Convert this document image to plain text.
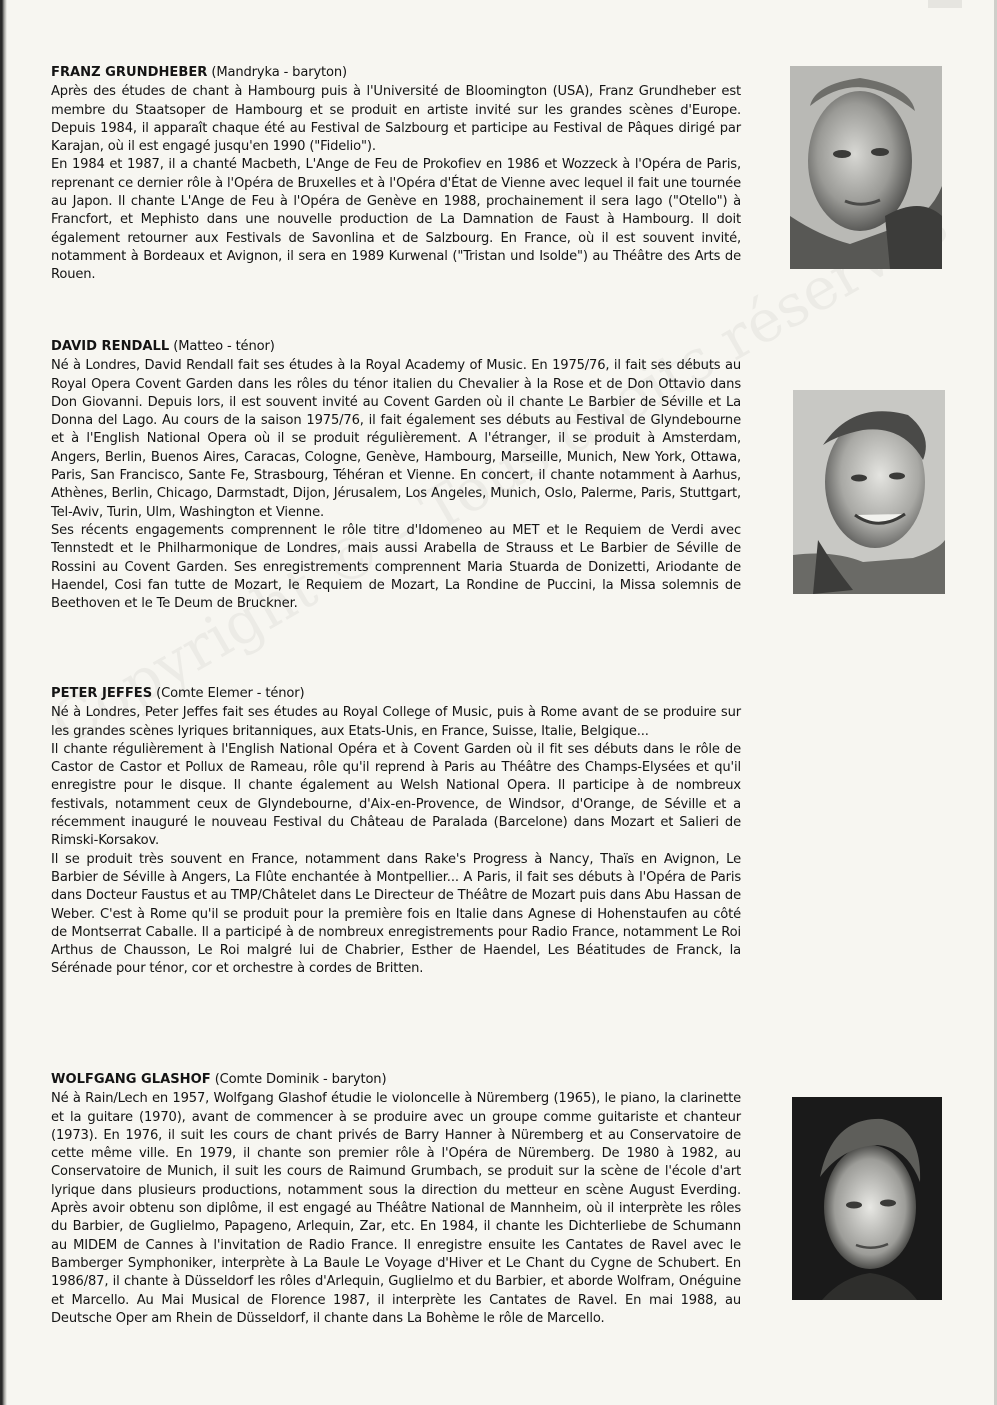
FRANZ GRUNDHEBER (Mandryka - baryton)

Après des études de chant à Hambourg puis à l'Université de Bloomington (USA), Franz Grundheber est membre du Staatsoper de Hambourg et se produit en artiste invité sur les grandes scènes d'Europe. Depuis 1984, il apparaît chaque été au Festival de Salzbourg et participe au Festival de Pâques dirigé par Karajan, où il est engagé jusqu'en 1990 ("Fidelio").

En 1984 et 1987, il a chanté Macbeth, L'Ange de Feu de Prokofiev en 1986 et Wozzeck à l'Opéra de Paris, reprenant ce dernier rôle à l'Opéra de Bruxelles et à l'Opéra d'État de Vienne avec lequel il fait une tournée au Japon. Il chante L'Ange de Feu à l'Opéra de Genève en 1988, prochainement il sera Iago ("Otello") à Francfort, et Mephisto dans une nouvelle production de La Damnation de Faust à Hambourg. Il doit également retourner aux Festivals de Savonlina et de Salzbourg. En France, où il est souvent invité, notamment à Bordeaux et Avignon, il sera en 1989 Kurwenal ("Tristan und Isolde") au Théâtre des Arts de Rouen.

DAVID RENDALL (Matteo - ténor)

Né à Londres, David Rendall fait ses études à la Royal Academy of Music. En 1975/76, il fait ses débuts au Royal Opera Covent Garden dans les rôles du ténor italien du Chevalier à la Rose et de Don Ottavio dans Don Giovanni. Depuis lors, il est souvent invité au Covent Garden où il chante Le Barbier de Séville et La Donna del Lago. Au cours de la saison 1975/76, il fait également ses débuts au Festival de Glyndebourne et à l'English National Opera où il se produit régulièrement. A l'étranger, il se produit à Amsterdam, Angers, Berlin, Buenos Aires, Caracas, Cologne, Genève, Hambourg, Marseille, Munich, New York, Ottawa, Paris, San Francisco, Sante Fe, Strasbourg, Téhéran et Vienne. En concert, il chante notamment à Aarhus, Athènes, Berlin, Chicago, Darmstadt, Dijon, Jérusalem, Los Angeles, Munich, Oslo, Palerme, Paris, Stuttgart, Tel-Aviv, Turin, Ulm, Washington et Vienne.

Ses récents engagements comprennent le rôle titre d'Idomeneo au MET et le Requiem de Verdi avec Tennstedt et le Philharmonique de Londres, mais aussi Arabella de Strauss et Le Barbier de Séville de Rossini au Covent Garden. Ses enregistrements comprennent Maria Stuarda de Donizetti, Ariodante de Haendel, Cosi fan tutte de Mozart, le Requiem de Mozart, La Rondine de Puccini, la Missa solemnis de Beethoven et le Te Deum de Bruckner.

PETER JEFFES (Comte Elemer - ténor)

Né à Londres, Peter Jeffes fait ses études au Royal College of Music, puis à Rome avant de se produire sur les grandes scènes lyriques britanniques, aux Etats-Unis, en France, Suisse, Italie, Belgique...

Il chante régulièrement à l'English National Opéra et à Covent Garden où il fit ses débuts dans le rôle de Castor de Castor et Pollux de Rameau, rôle qu'il reprend à Paris au Théâtre des Champs-Elysées et qu'il enregistre pour le disque. Il chante également au Welsh National Opera. Il participe à de nombreux festivals, notamment ceux de Glyndebourne, d'Aix-en-Provence, de Windsor, d'Orange, de Séville et a récemment inauguré le nouveau Festival du Château de Paralada (Barcelone) dans Mozart et Salieri de Rimski-Korsakov.

Il se produit très souvent en France, notamment dans Rake's Progress à Nancy, Thaïs en Avignon, Le Barbier de Séville à Angers, La Flûte enchantée à Montpellier... A Paris, il fait ses débuts à l'Opéra de Paris dans Docteur Faustus et au TMP/Châtelet dans Le Directeur de Théâtre de Mozart puis dans Abu Hassan de Weber. C'est à Rome qu'il se produit pour la première fois en Italie dans Agnese di Hohenstaufen au côté de Montserrat Caballe. Il a participé à de nombreux enregistrements pour Radio France, notamment Le Roi Arthus de Chausson, Le Roi malgré lui de Chabrier, Esther de Haendel, Les Béatitudes de Franck, la Sérénade pour ténor, cor et orchestre à cordes de Britten.

WOLFGANG GLASHOF (Comte Dominik - baryton)

Né à Rain/Lech en 1957, Wolfgang Glashof étudie le violoncelle à Nüremberg (1965), le piano, la clarinette et la guitare (1970), avant de commencer à se produire avec un groupe comme guitariste et chanteur (1973). En 1976, il suit les cours de chant privés de Barry Hanner à Nüremberg et au Conservatoire de cette même ville. En 1979, il chante son premier rôle à l'Opéra de Nüremberg. De 1980 à 1982, au Conservatoire de Munich, il suit les cours de Raimund Grumbach, se produit sur la scène de l'école d'art lyrique dans plusieurs productions, notamment sous la direction du metteur en scène August Everding. Après avoir obtenu son diplôme, il est engagé au Théâtre National de Mannheim, où il interprète les rôles du Barbier, de Guglielmo, Papageno, Arlequin, Zar, etc. En 1984, il chante les Dichterliebe de Schumann au MIDEM de Cannes à l'invitation de Radio France. Il enregistre ensuite les Cantates de Ravel avec le Bamberger Symphoniker, interprète à La Baule Le Voyage d'Hiver et Le Chant du Cygne de Schubert. En 1986/87, il chante à Düsseldorf les rôles d'Arlequin, Guglielmo et du Barbier, et aborde Wolfram, Onéguine et Marcello. Au Mai Musical de Florence 1987, il interprète les Cantates de Ravel. En mai 1988, au Deutsche Oper am Rhein de Düsseldorf, il chante dans La Bohème le rôle de Marcello.
